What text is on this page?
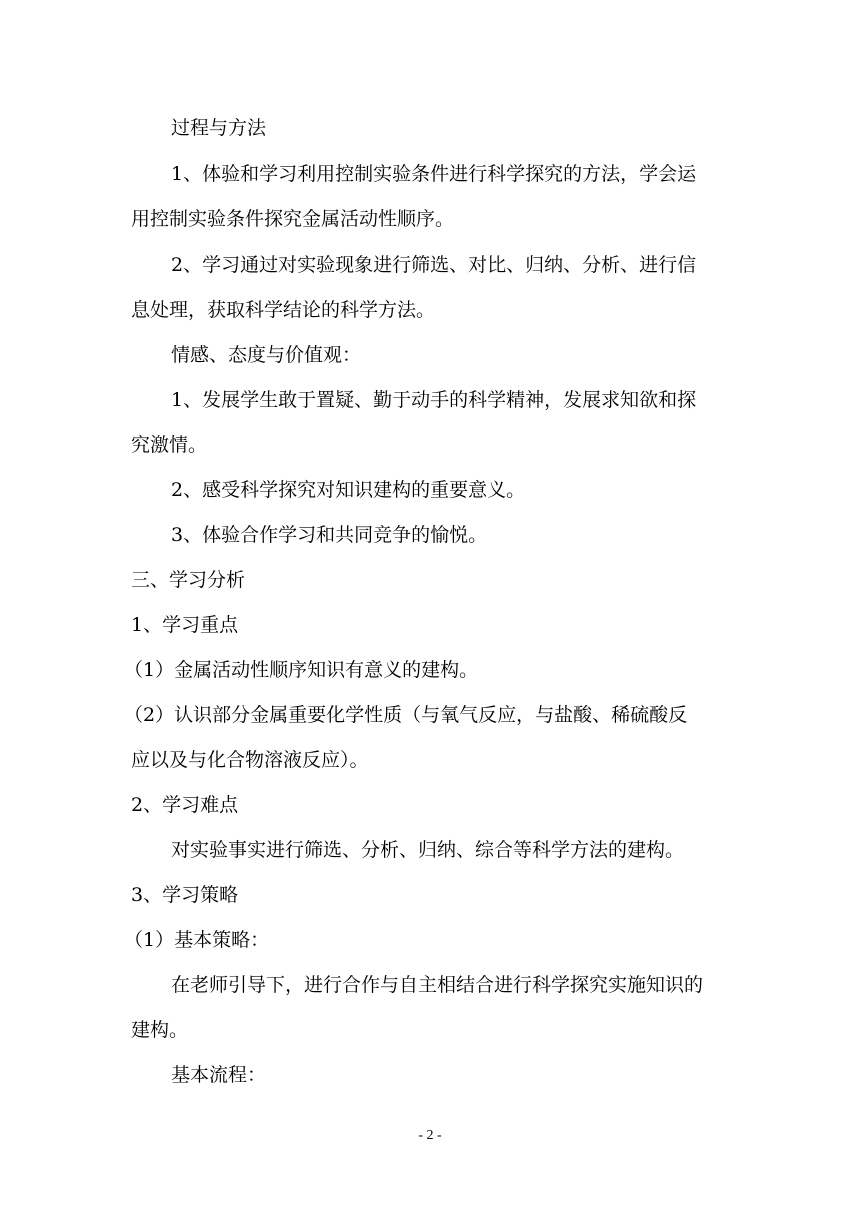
过程与方法
1、体验和学习利用控制实验条件进行科学探究的方法，学会运
用控制实验条件探究金属活动性顺序。
2、学习通过对实验现象进行筛选、对比、归纳、分析、进行信
息处理，获取科学结论的科学方法。
情感、态度与价值观：
1、发展学生敢于置疑、勤于动手的科学精神，发展求知欲和探
究激情。
2、感受科学探究对知识建构的重要意义。
3、体验合作学习和共同竞争的愉悦。
三、学习分析
1、学习重点
（1）金属活动性顺序知识有意义的建构。
（2）认识部分金属重要化学性质（与氧气反应，与盐酸、稀硫酸反
应以及与化合物溶液反应）。
2、学习难点
对实验事实进行筛选、分析、归纳、综合等科学方法的建构。
3、学习策略
（1）基本策略：
在老师引导下，进行合作与自主相结合进行科学探究实施知识的
建构。
基本流程：
- 2 -
